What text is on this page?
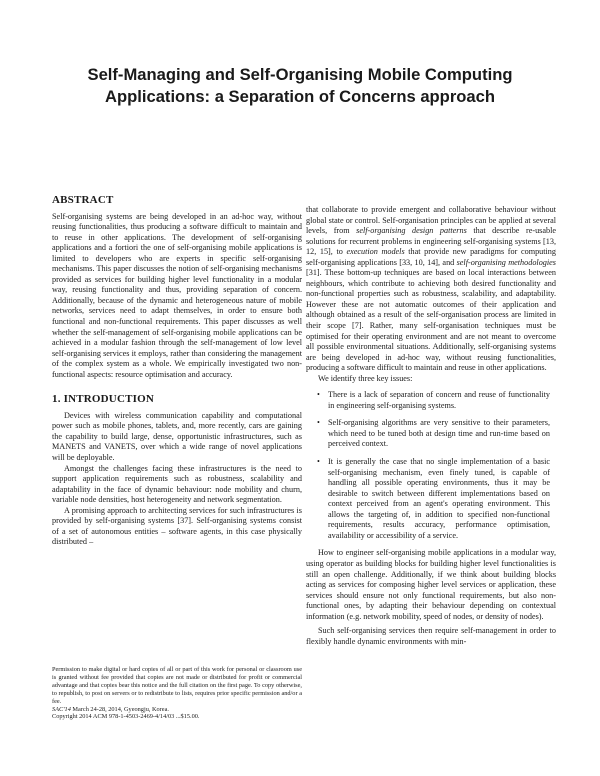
Self-Managing and Self-Organising Mobile Computing
Applications: a Separation of Concerns approach
ABSTRACT

Self-organising systems are being developed in an ad-hoc way, without reusing functionalities, thus producing a software difficult to maintain and to reuse in other applications. The development of self-organising applications and a fortiori the one of self-organising mobile applications is limited to developers who are experts in specific self-organising mechanisms. This paper discusses the notion of self-organising mechanisms provided as services for building higher level functionality in a modular way, reusing functionality and thus, providing separation of concern. Additionally, because of the dynamic and heterogeneous nature of mobile networks, services need to adapt themselves, in order to ensure both functional and non-functional requirements. This paper discusses as well whether the self-management of self-organising mobile applications can be achieved in a modular fashion through the self-management of low level self-organising services it employs, rather than considering the management of the complex system as a whole. We empirically investigated two non-functional aspects: resource optimisation and accuracy.

1. INTRODUCTION

Devices with wireless communication capability and computational power such as mobile phones, tablets, and, more recently, cars are gaining the capability to build large, dense, opportunistic infrastructures, such as MANETS and VANETS, over which a wide range of novel applications will be deployable.

Amongst the challenges facing these infrastructures is the need to support application requirements such as robustness, scalability and adaptability in the face of dynamic behaviour: node mobility and churn, variable node densities, host heterogeneity and network segmentation.

A promising approach to architecting services for such infrastructures is provided by self-organising systems [37]. Self-organising systems consist of a set of autonomous entities – software agents, in this case physically distributed –

that collaborate to provide emergent and collaborative behaviour without global state or control. Self-organisation principles can be applied at several levels, from self-organising design patterns that describe re-usable solutions for recurrent problems in engineering self-organising systems [13, 12, 15], to execution models that provide new paradigms for computing self-organising applications [33, 10, 14], and self-organising methodologies [31]. These bottom-up techniques are based on local interactions between neighbours, which contribute to achieving both desired functionality and non-functional properties such as robustness, scalability, and adaptability. However these are not automatic outcomes of their application and although obtained as a result of the self-organisation process are limited in their scope [7]. Rather, many self-organisation techniques must be optimised for their operating environment and are not meant to overcome all possible environmental situations. Additionally, self-organising systems are being developed in ad-hoc way, without reusing functionalities, producing a software difficult to maintain and reuse in other applications.

We identify three key issues:

• There is a lack of separation of concern and reuse of functionality in engineering self-organising systems.
• Self-organising algorithms are very sensitive to their parameters, which need to be tuned both at design time and run-time based on perceived context.
• It is generally the case that no single implementation of a basic self-organising mechanism, even finely tuned, is capable of handling all possible operating environments, thus it may be desirable to switch between different implementations based on context perceived from an agent's operating environment. This allows the targeting of, in addition to specified non-functional requirements, results accuracy, performance optimisation, availability or accessibility of a service.

How to engineer self-organising mobile applications in a modular way, using operator as building blocks for building higher level functionalities is still an open challenge. Additionally, if we think about building blocks acting as services for composing higher level services or application, these services should ensure not only functional requirements, but also non-functional ones, by adapting their behaviour depending on contextual information (e.g. network mobility, speed of nodes, or density of nodes).

Such self-organising services then require self-management in order to flexibly handle dynamic environments with min-

Permission to make digital or hard copies of all or part of this work for personal or classroom use is granted without fee provided that copies are not made or distributed for profit or commercial advantage and that copies bear this notice and the full citation on the first page. To copy otherwise, to republish, to post on servers or to redistribute to lists, requires prior specific permission and/or a fee.

SAC'14 March 24-28, 2014, Gyeongju, Korea.

Copyright 2014 ACM 978-1-4503-2469-4/14/03 ...$15.00.
